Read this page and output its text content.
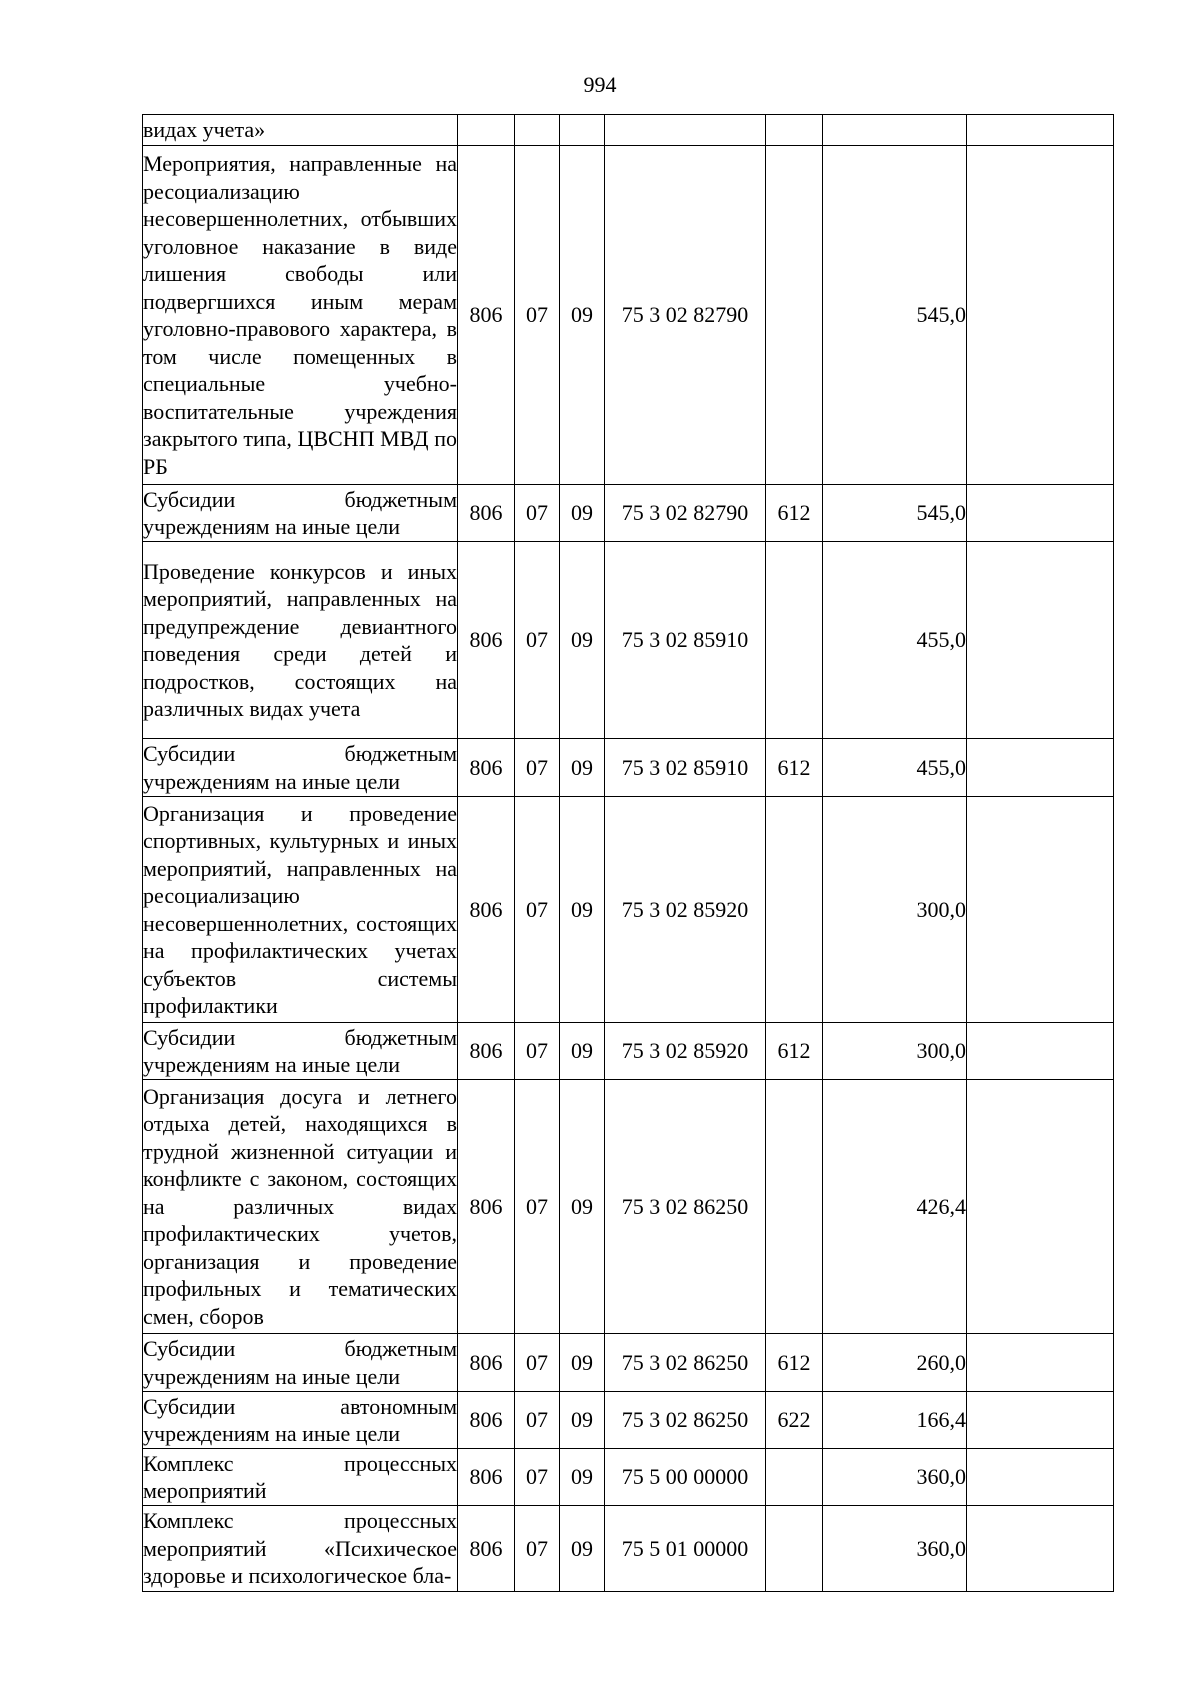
994
видах учета»							
Мероприятия, направленные на ресоциализацию несовершеннолетних, отбывших уголовное наказание в виде лишения свободы или подвергшихся иным мерам уголовно-правового характера, в том числе помещенных в специальные учебно-воспитательные учреждения закрытого типа, ЦВСНП МВД по РБ	806	07	09	75 3 02 82790		545,0	
Субсидии бюджетным учреждениям на иные цели	806	07	09	75 3 02 82790	612	545,0	
Проведение конкурсов и иных мероприятий, направленных на предупреждение девиантного поведения среди детей и подростков, состоящих на различных видах учета	806	07	09	75 3 02 85910		455,0	
Субсидии бюджетным учреждениям на иные цели	806	07	09	75 3 02 85910	612	455,0	
Организация и проведение спортивных, культурных и иных мероприятий, направленных на ресоциализацию несовершеннолетних, состоящих на профилактических учетах субъектов системы профилактики	806	07	09	75 3 02 85920		300,0	
Субсидии бюджетным учреждениям на иные цели	806	07	09	75 3 02 85920	612	300,0	
Организация досуга и летнего отдыха детей, находящихся в трудной жизненной ситуации и конфликте с законом, состоящих на различных видах профилактических учетов, организация и проведение профильных и тематических смен, сборов	806	07	09	75 3 02 86250		426,4	
Субсидии бюджетным учреждениям на иные цели	806	07	09	75 3 02 86250	612	260,0	
Субсидии автономным учреждениям на иные цели	806	07	09	75 3 02 86250	622	166,4	
Комплекс процессных мероприятий	806	07	09	75 5 00 00000		360,0	
Комплекс процессных мероприятий «Психическое здоровье и психологическое бла-	806	07	09	75 5 01 00000		360,0	
